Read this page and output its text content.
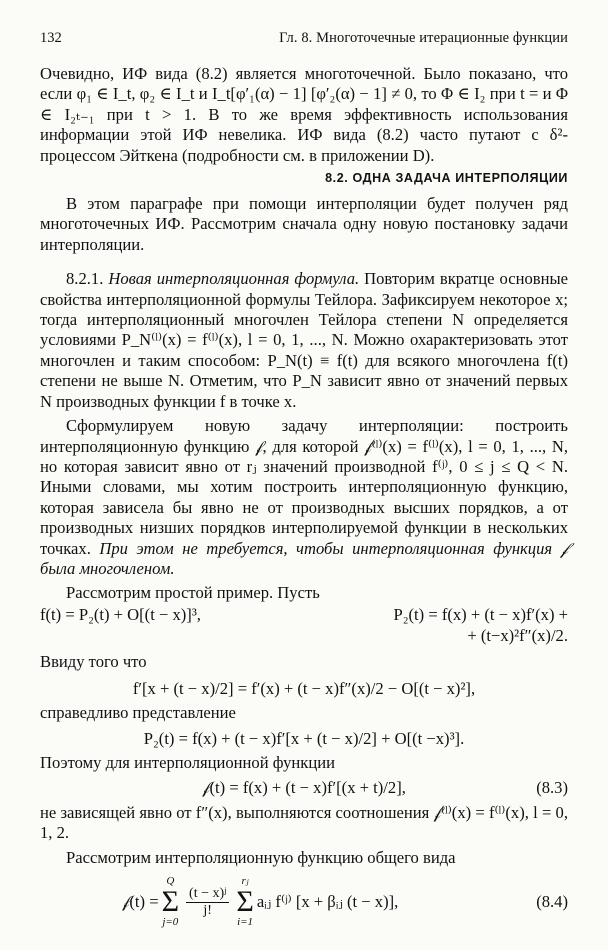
132	Гл. 8. Многоточечные итерационные функции

Очевидно, ИФ вида (8.2) является многоточечной. Было показано, что если φ₁ ∈ I_t, φ₂ ∈ I_t и I_t[φ′₁(α) − 1] [φ′₂(α) − 1] ≠ 0, то Φ ∈ I₂ при t = и Φ ∈ I₂ₜ₋₁ при t > 1. В то же время эффективность использования информации этой ИФ невелика. ИФ вида (8.2) часто путают с δ²-процессом Эйткена (подробности см. в приложении D).

8.2. ОДНА ЗАДАЧА ИНТЕРПОЛЯЦИИ

В этом параграфе при помощи интерполяции будет получен ряд многоточечных ИФ. Рассмотрим сначала одну новую постановку задачи интерполяции.

8.2.1. Новая интерполяционная формула. Повторим вкратце основные свойства интерполяционной формулы Тейлора. Зафиксируем некоторое x; тогда интерполяционный многочлен Тейлора степени N определяется условиями P_N⁽ˡ⁾(x) = f⁽ˡ⁾(x), l = 0, 1, ..., N. Можно охарактеризовать этот многочлен и таким способом: P_N(t) ≡ f(t) для всякого многочлена f(t) степени не выше N. Отметим, что P_N зависит явно от значений первых N производных функции f в точке x.

Сформулируем новую задачу интерполяции: построить интерполяционную функцию 𝒻, для которой 𝒻⁽ˡ⁾(x) = f⁽ˡ⁾(x), l = 0, 1, ..., N, но которая зависит явно от rⱼ значений производной f⁽ʲ⁾, 0 ≤ j ≤ Q < N. Иными словами, мы хотим построить интерполяционную функцию, которая зависела бы явно не от производных высших порядков, а от производных низших порядков интерполируемой функции в нескольких точках. При этом не требуется, чтобы интерполяционная функция 𝒻 была многочленом.

Рассмотрим простой пример. Пусть

f(t) = P₂(t) + O[(t − x)]³,	P₂(t) = f(x) + (t − x)f′(x) +
+ (t−x)²f″(x)/2.

Ввиду того что

f′[x + (t − x)/2] = f′(x) + (t − x)f″(x)/2 − O[(t − x)²],

справедливо представление

P₂(t) = f(x) + (t − x)f′[x + (t − x)/2] + O[(t −x)³].

Поэтому для интерполяционной функции

𝒻(t) = f(x) + (t − x)f′[(x + t)/2],	(8.3)

не зависящей явно от f″(x), выполняются соотношения 𝒻⁽ˡ⁾(x) = f⁽ˡ⁾(x), l = 0, 1, 2.

Рассмотрим интерполяционную функцию общего вида

𝒻(t) =
Q
Σ
j=0
$\frac{\text{(t − x)ʲ}}{j!}$
rⱼ
Σ
i=1
aᵢⱼ f⁽ʲ⁾ [x + βᵢⱼ (t − x)],	(8.4)
